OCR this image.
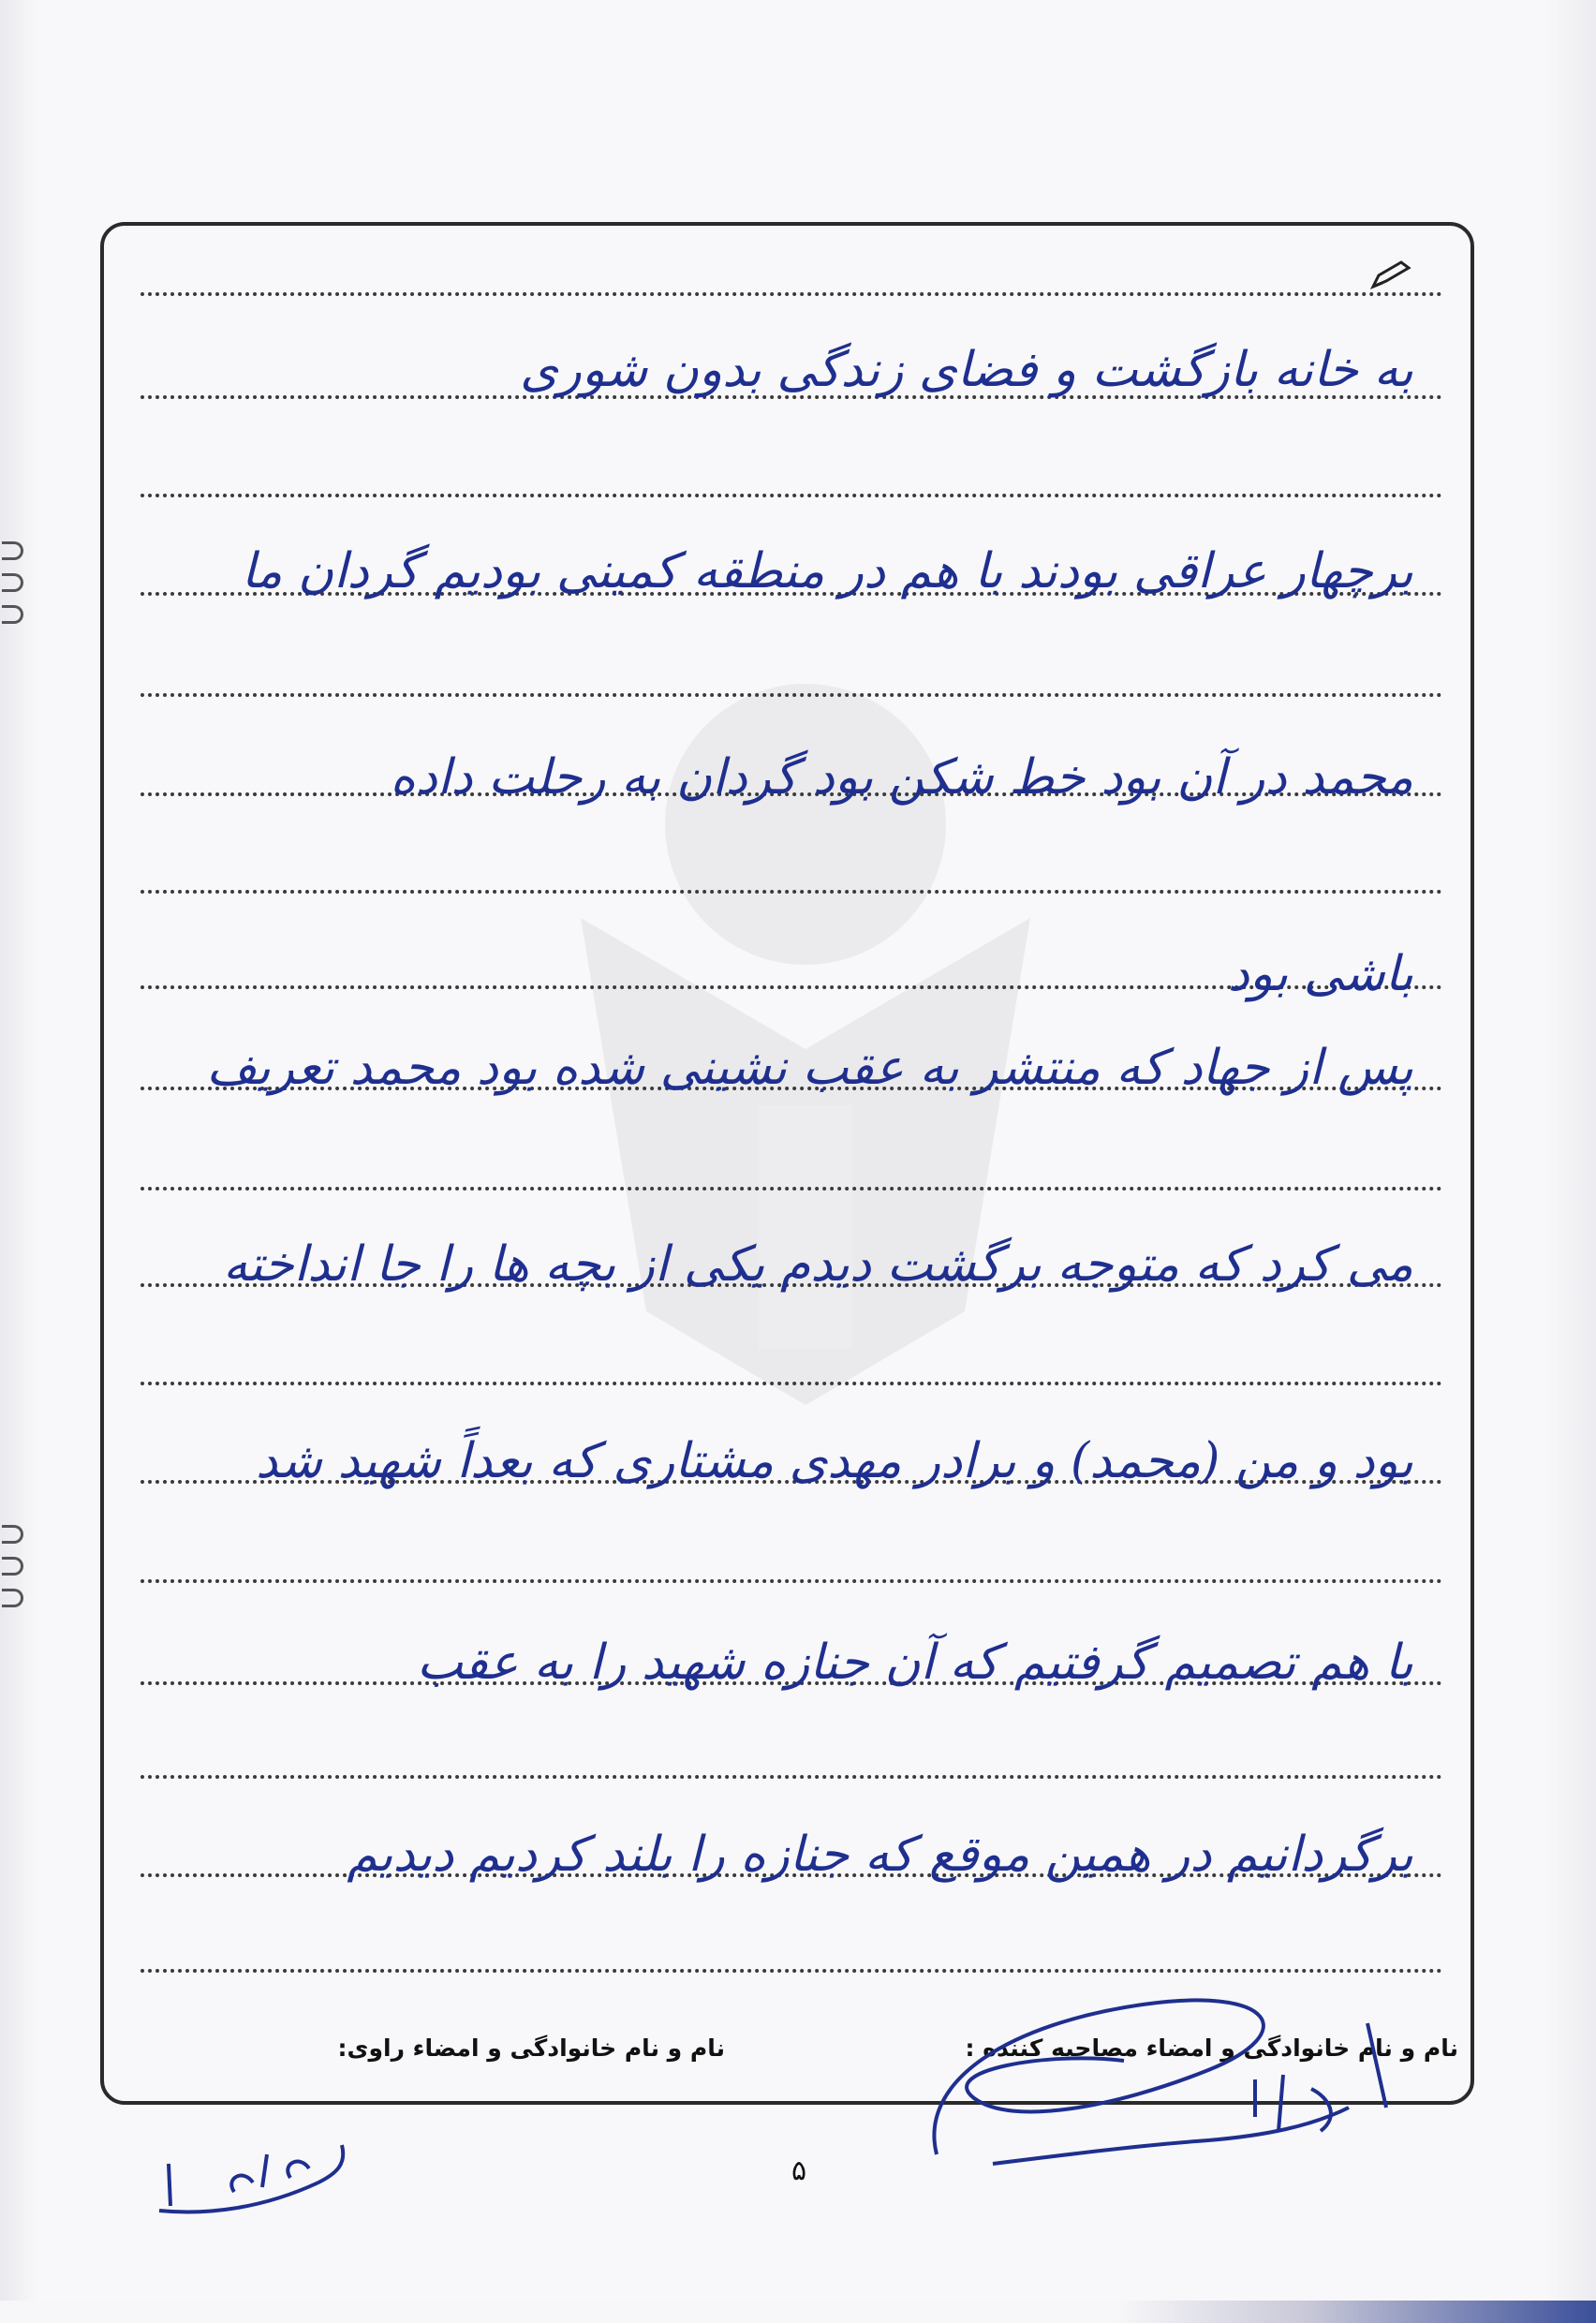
به خانه بازگشت و فضای زندگی بدون شوری
برچهار عراقی بودند با هم در منطقه کمینی بودیم گردان ما
محمد در آن بود خط شکن بود گردان به رحلت داده
باشی بود
پس از جهاد که منتشر به عقب نشینی شده بود محمد تعریف
می کرد که متوجه برگشت دیدم یکی از بچه ها را جا انداخته
بود و من (محمد) و برادر مهدی مشتاری که بعداً شهید شد
با هم تصمیم گرفتیم که آن جنازه شهید را به عقب
برگردانیم در همین موقع که جنازه را بلند کردیم دیدیم
نام و نام خانوادگی و امضاء مصاحبه کننده :
نام و نام خانوادگی و امضاء راوی:
۵
